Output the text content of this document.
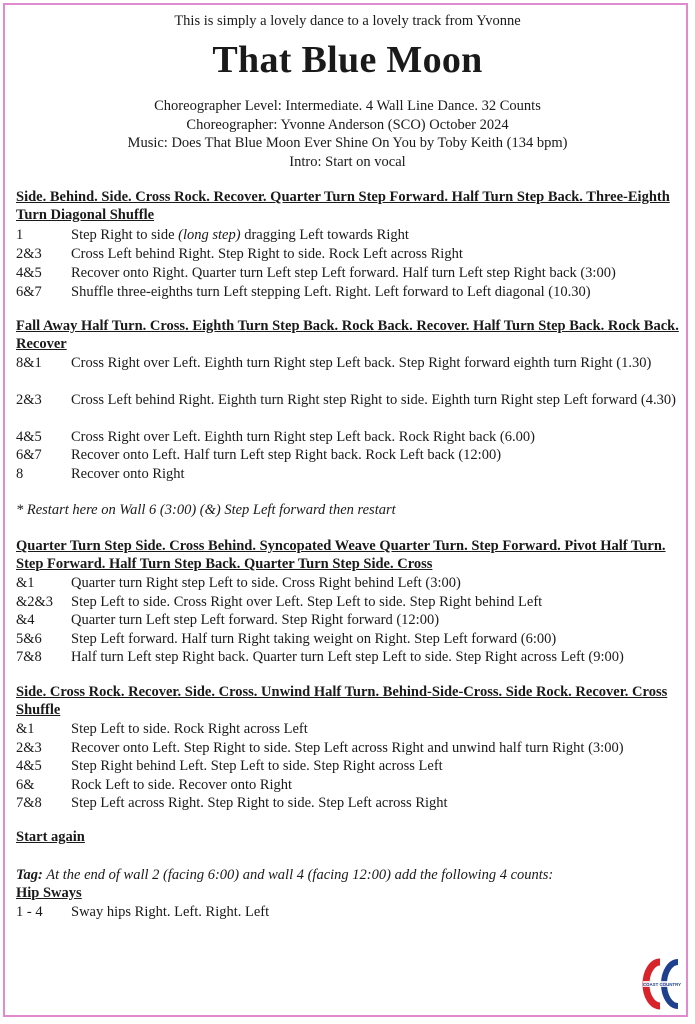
This is simply a lovely dance to a lovely track from Yvonne
That Blue Moon
Choreographer Level: Intermediate. 4 Wall Line Dance. 32 Counts
Choreographer: Yvonne Anderson (SCO) October 2024
Music: Does That Blue Moon Ever Shine On You by Toby Keith (134 bpm)
Intro: Start on vocal
Side. Behind. Side. Cross Rock. Recover. Quarter Turn Step Forward. Half Turn Step Back. Three-Eighth Turn Diagonal Shuffle
1	Step Right to side (long step) dragging Left towards Right
2&3 Cross Left behind Right. Step Right to side. Rock Left across Right
4&5 Recover onto Right. Quarter turn Left step Left forward. Half turn Left step Right back (3:00)
6&7 Shuffle three-eighths turn Left stepping Left. Right. Left forward to Left diagonal (10.30)
Fall Away Half Turn. Cross. Eighth Turn Step Back. Rock Back. Recover. Half Turn Step Back. Rock Back. Recover
8&1 Cross Right over Left. Eighth turn Right step Left back. Step Right forward eighth turn Right (1.30)
2&3 Cross Left behind Right. Eighth turn Right step Right to side. Eighth turn Right step Left forward (4.30)
4&5 Cross Right over Left. Eighth turn Right step Left back. Rock Right back (6.00)
6&7 Recover onto Left. Half turn Left step Right back. Rock Left back (12:00)
8	Recover onto Right
* Restart here on Wall 6 (3:00) (&) Step Left forward then restart
Quarter Turn Step Side. Cross Behind. Syncopated Weave Quarter Turn. Step Forward. Pivot Half Turn. Step Forward. Half Turn Step Back. Quarter Turn Step Side. Cross
&1	Quarter turn Right step Left to side. Cross Right behind Left (3:00)
&2&3 Step Left to side. Cross Right over Left. Step Left to side. Step Right behind Left
&4	Quarter turn Left step Left forward. Step Right forward (12:00)
5&6 Step Left forward. Half turn Right taking weight on Right. Step Left forward (6:00)
7&8 Half turn Left step Right back. Quarter turn Left step Left to side. Step Right across Left (9:00)
Side. Cross Rock. Recover. Side. Cross. Unwind Half Turn. Behind-Side-Cross. Side Rock. Recover. Cross Shuffle
&1	Step Left to side. Rock Right across Left
2&3 Recover onto Left. Step Right to side. Step Left across Right and unwind half turn Right (3:00)
4&5 Step Right behind Left. Step Left to side. Step Right across Left
6&	Rock Left to side. Recover onto Right
7&8 Step Left across Right. Step Right to side. Step Left across Right
Start again
Tag: At the end of wall 2 (facing 6:00) and wall 4 (facing 12:00) add the following 4 counts:
Hip Sways
1 - 4 Sway hips Right. Left. Right. Left
COAST COUNTRY
